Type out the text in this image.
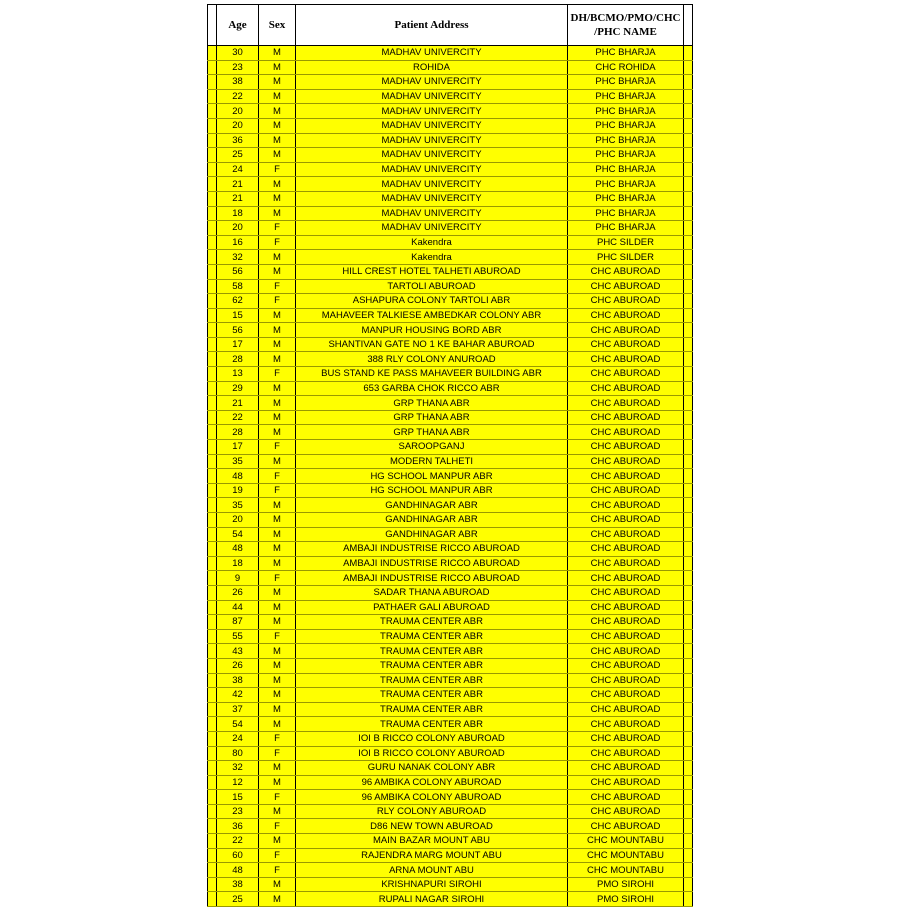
	Age	Sex	Patient Address	DH/BCMO/PMO/CHC
/PHC NAME	

	30	M	MADHAV UNIVERCITY	PHC BHARJA	
	23	M	ROHIDA	CHC ROHIDA	
	38	M	MADHAV UNIVERCITY	PHC BHARJA	
	22	M	MADHAV UNIVERCITY	PHC BHARJA	
	20	M	MADHAV UNIVERCITY	PHC BHARJA	
	20	M	MADHAV UNIVERCITY	PHC BHARJA	
	36	M	MADHAV UNIVERCITY	PHC BHARJA	
	25	M	MADHAV UNIVERCITY	PHC BHARJA	
	24	F	MADHAV UNIVERCITY	PHC BHARJA	
	21	M	MADHAV UNIVERCITY	PHC BHARJA	
	21	M	MADHAV UNIVERCITY	PHC BHARJA	
	18	M	MADHAV UNIVERCITY	PHC BHARJA	
	20	F	MADHAV UNIVERCITY	PHC BHARJA	
	16	F	Kakendra	PHC SILDER	
	32	M	Kakendra	PHC SILDER	
	56	M	HILL CREST HOTEL TALHETI ABUROAD	CHC ABUROAD	
	58	F	TARTOLI ABUROAD	CHC ABUROAD	
	62	F	ASHAPURA COLONY TARTOLI ABR	CHC ABUROAD	
	15	M	MAHAVEER TALKIESE AMBEDKAR COLONY ABR	CHC ABUROAD	
	56	M	MANPUR HOUSING BORD ABR	CHC ABUROAD	
	17	M	SHANTIVAN GATE NO 1 KE BAHAR ABUROAD	CHC ABUROAD	
	28	M	388 RLY COLONY ANUROAD	CHC ABUROAD	
	13	F	BUS STAND KE PASS MAHAVEER BUILDING ABR	CHC ABUROAD	
	29	M	653 GARBA CHOK RICCO ABR	CHC ABUROAD	
	21	M	GRP THANA ABR	CHC ABUROAD	
	22	M	GRP THANA ABR	CHC ABUROAD	
	28	M	GRP THANA ABR	CHC ABUROAD	
	17	F	SAROOPGANJ	CHC ABUROAD	
	35	M	MODERN TALHETI	CHC ABUROAD	
	48	F	HG SCHOOL MANPUR ABR	CHC ABUROAD	
	19	F	HG SCHOOL MANPUR ABR	CHC ABUROAD	
	35	M	GANDHINAGAR ABR	CHC ABUROAD	
	20	M	GANDHINAGAR ABR	CHC ABUROAD	
	54	M	GANDHINAGAR ABR	CHC ABUROAD	
	48	M	AMBAJI INDUSTRISE RICCO ABUROAD	CHC ABUROAD	
	18	M	AMBAJI INDUSTRISE RICCO ABUROAD	CHC ABUROAD	
	9	F	AMBAJI INDUSTRISE RICCO ABUROAD	CHC ABUROAD	
	26	M	SADAR THANA ABUROAD	CHC ABUROAD	
	44	M	PATHAER GALI ABUROAD	CHC ABUROAD	
	87	M	TRAUMA CENTER ABR	CHC ABUROAD	
	55	F	TRAUMA CENTER ABR	CHC ABUROAD	
	43	M	TRAUMA CENTER ABR	CHC ABUROAD	
	26	M	TRAUMA CENTER ABR	CHC ABUROAD	
	38	M	TRAUMA CENTER ABR	CHC ABUROAD	
	42	M	TRAUMA CENTER ABR	CHC ABUROAD	
	37	M	TRAUMA CENTER ABR	CHC ABUROAD	
	54	M	TRAUMA CENTER ABR	CHC ABUROAD	
	24	F	IOI B RICCO COLONY ABUROAD	CHC ABUROAD	
	80	F	IOI B RICCO COLONY ABUROAD	CHC ABUROAD	
	32	M	GURU NANAK COLONY ABR	CHC ABUROAD	
	12	M	96 AMBIKA COLONY ABUROAD	CHC ABUROAD	
	15	F	96 AMBIKA COLONY ABUROAD	CHC ABUROAD	
	23	M	RLY COLONY ABUROAD	CHC ABUROAD	
	36	F	D86 NEW TOWN ABUROAD	CHC ABUROAD	
	22	M	MAIN BAZAR MOUNT ABU	CHC MOUNTABU	
	60	F	RAJENDRA MARG MOUNT ABU	CHC MOUNTABU	
	48	F	ARNA MOUNT ABU	CHC MOUNTABU	
	38	M	KRISHNAPURI SIROHI	PMO SIROHI	
	25	M	RUPALI NAGAR SIROHI	PMO SIROHI	
